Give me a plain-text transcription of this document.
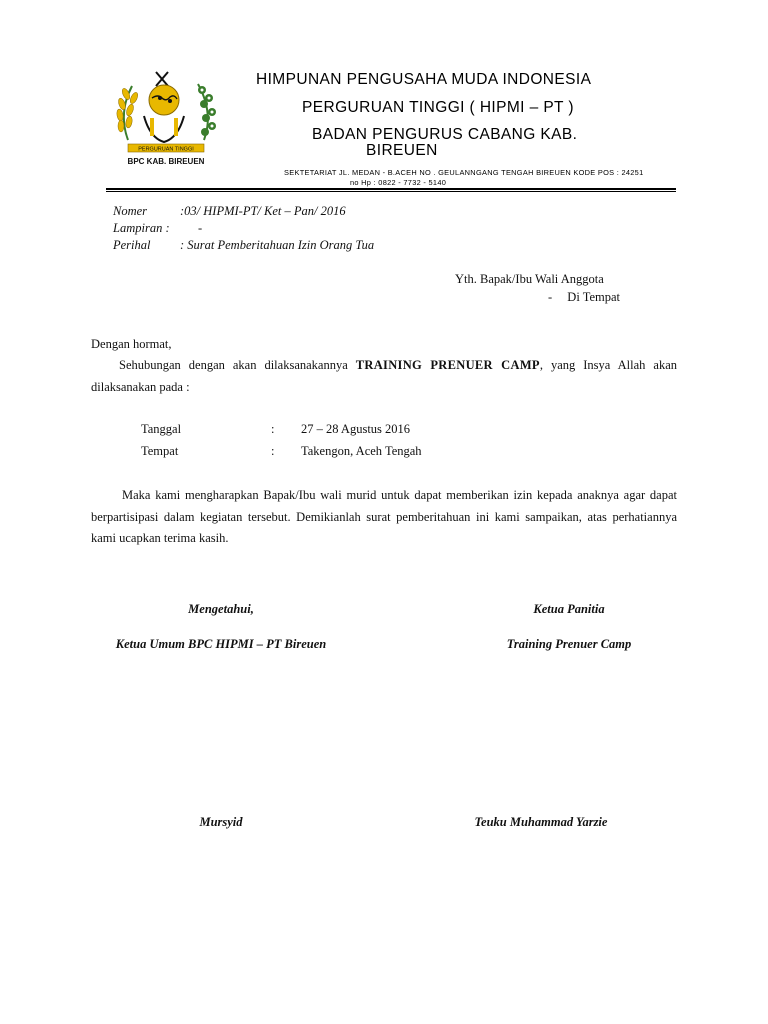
PERGURUAN TINGGI
BPC KAB. BIREUEN
HIMPUNAN PENGUSAHA MUDA INDONESIA
PERGURUAN TINGGI ( HIPMI – PT )
BADAN PENGURUS CABANG KAB.
BIREUEN
SEKTETARIAT JL. MEDAN - B.ACEH NO . GEULANNGANG TENGAH BIREUEN KODE POS : 24251
no Hp : 0822 - 7732 - 5140
Nomer	:03/ HIPMI-PT/ Ket – Pan/ 2016
Lampiran : -
Perihal : Surat Pemberitahuan Izin Orang Tua
Yth. Bapak/Ibu Wali Anggota
- Di Tempat
Dengan hormat,
Sehubungan dengan akan dilaksanakannya TRAINING PRENUER CAMP, yang Insya Allah akan dilaksanakan pada :
Tanggal	: 27 – 28 Agustus 2016
Tempat	: Takengon, Aceh Tengah
Maka kami mengharapkan Bapak/Ibu wali murid untuk dapat memberikan izin kepada anaknya agar dapat berpartisipasi dalam kegiatan tersebut. Demikianlah surat pemberitahuan ini kami sampaikan, atas perhatiannya kami ucapkan terima kasih.
Mengetahui,
Ketua Umum BPC HIPMI – PT Bireuen
Mursyid
Ketua Panitia
Training Prenuer Camp
Teuku Muhammad Yarzie
